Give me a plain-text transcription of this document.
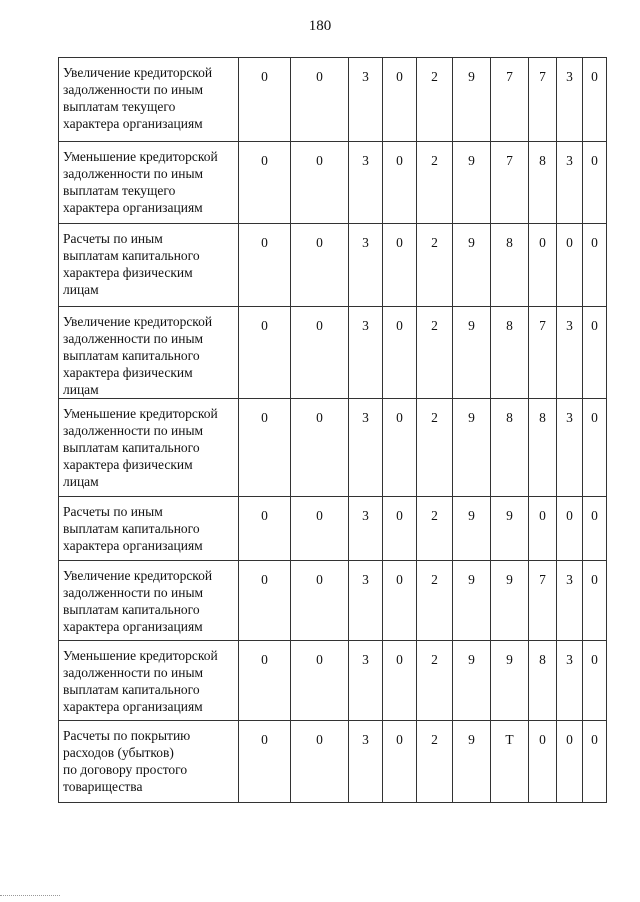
180
Увеличение кредиторской
задолженности по иным
выплатам текущего
характера организациям	0	0	3	0	2	9	7	7	3	0
Уменьшение кредиторской
задолженности по иным
выплатам текущего
характера организациям	0	0	3	0	2	9	7	8	3	0
Расчеты по иным
выплатам капитального
характера физическим
лицам	0	0	3	0	2	9	8	0	0	0
Увеличение кредиторской
задолженности по иным
выплатам капитального
характера физическим
лицам	0	0	3	0	2	9	8	7	3	0
Уменьшение кредиторской
задолженности по иным
выплатам капитального
характера физическим
лицам	0	0	3	0	2	9	8	8	3	0
Расчеты по иным
выплатам капитального
характера организациям	0	0	3	0	2	9	9	0	0	0
Увеличение кредиторской
задолженности по иным
выплатам капитального
характера организациям	0	0	3	0	2	9	9	7	3	0
Уменьшение кредиторской
задолженности по иным
выплатам капитального
характера организациям	0	0	3	0	2	9	9	8	3	0
Расчеты по покрытию
расходов (убытков)
по договору простого
товарищества	0	0	3	0	2	9	Т	0	0	0
